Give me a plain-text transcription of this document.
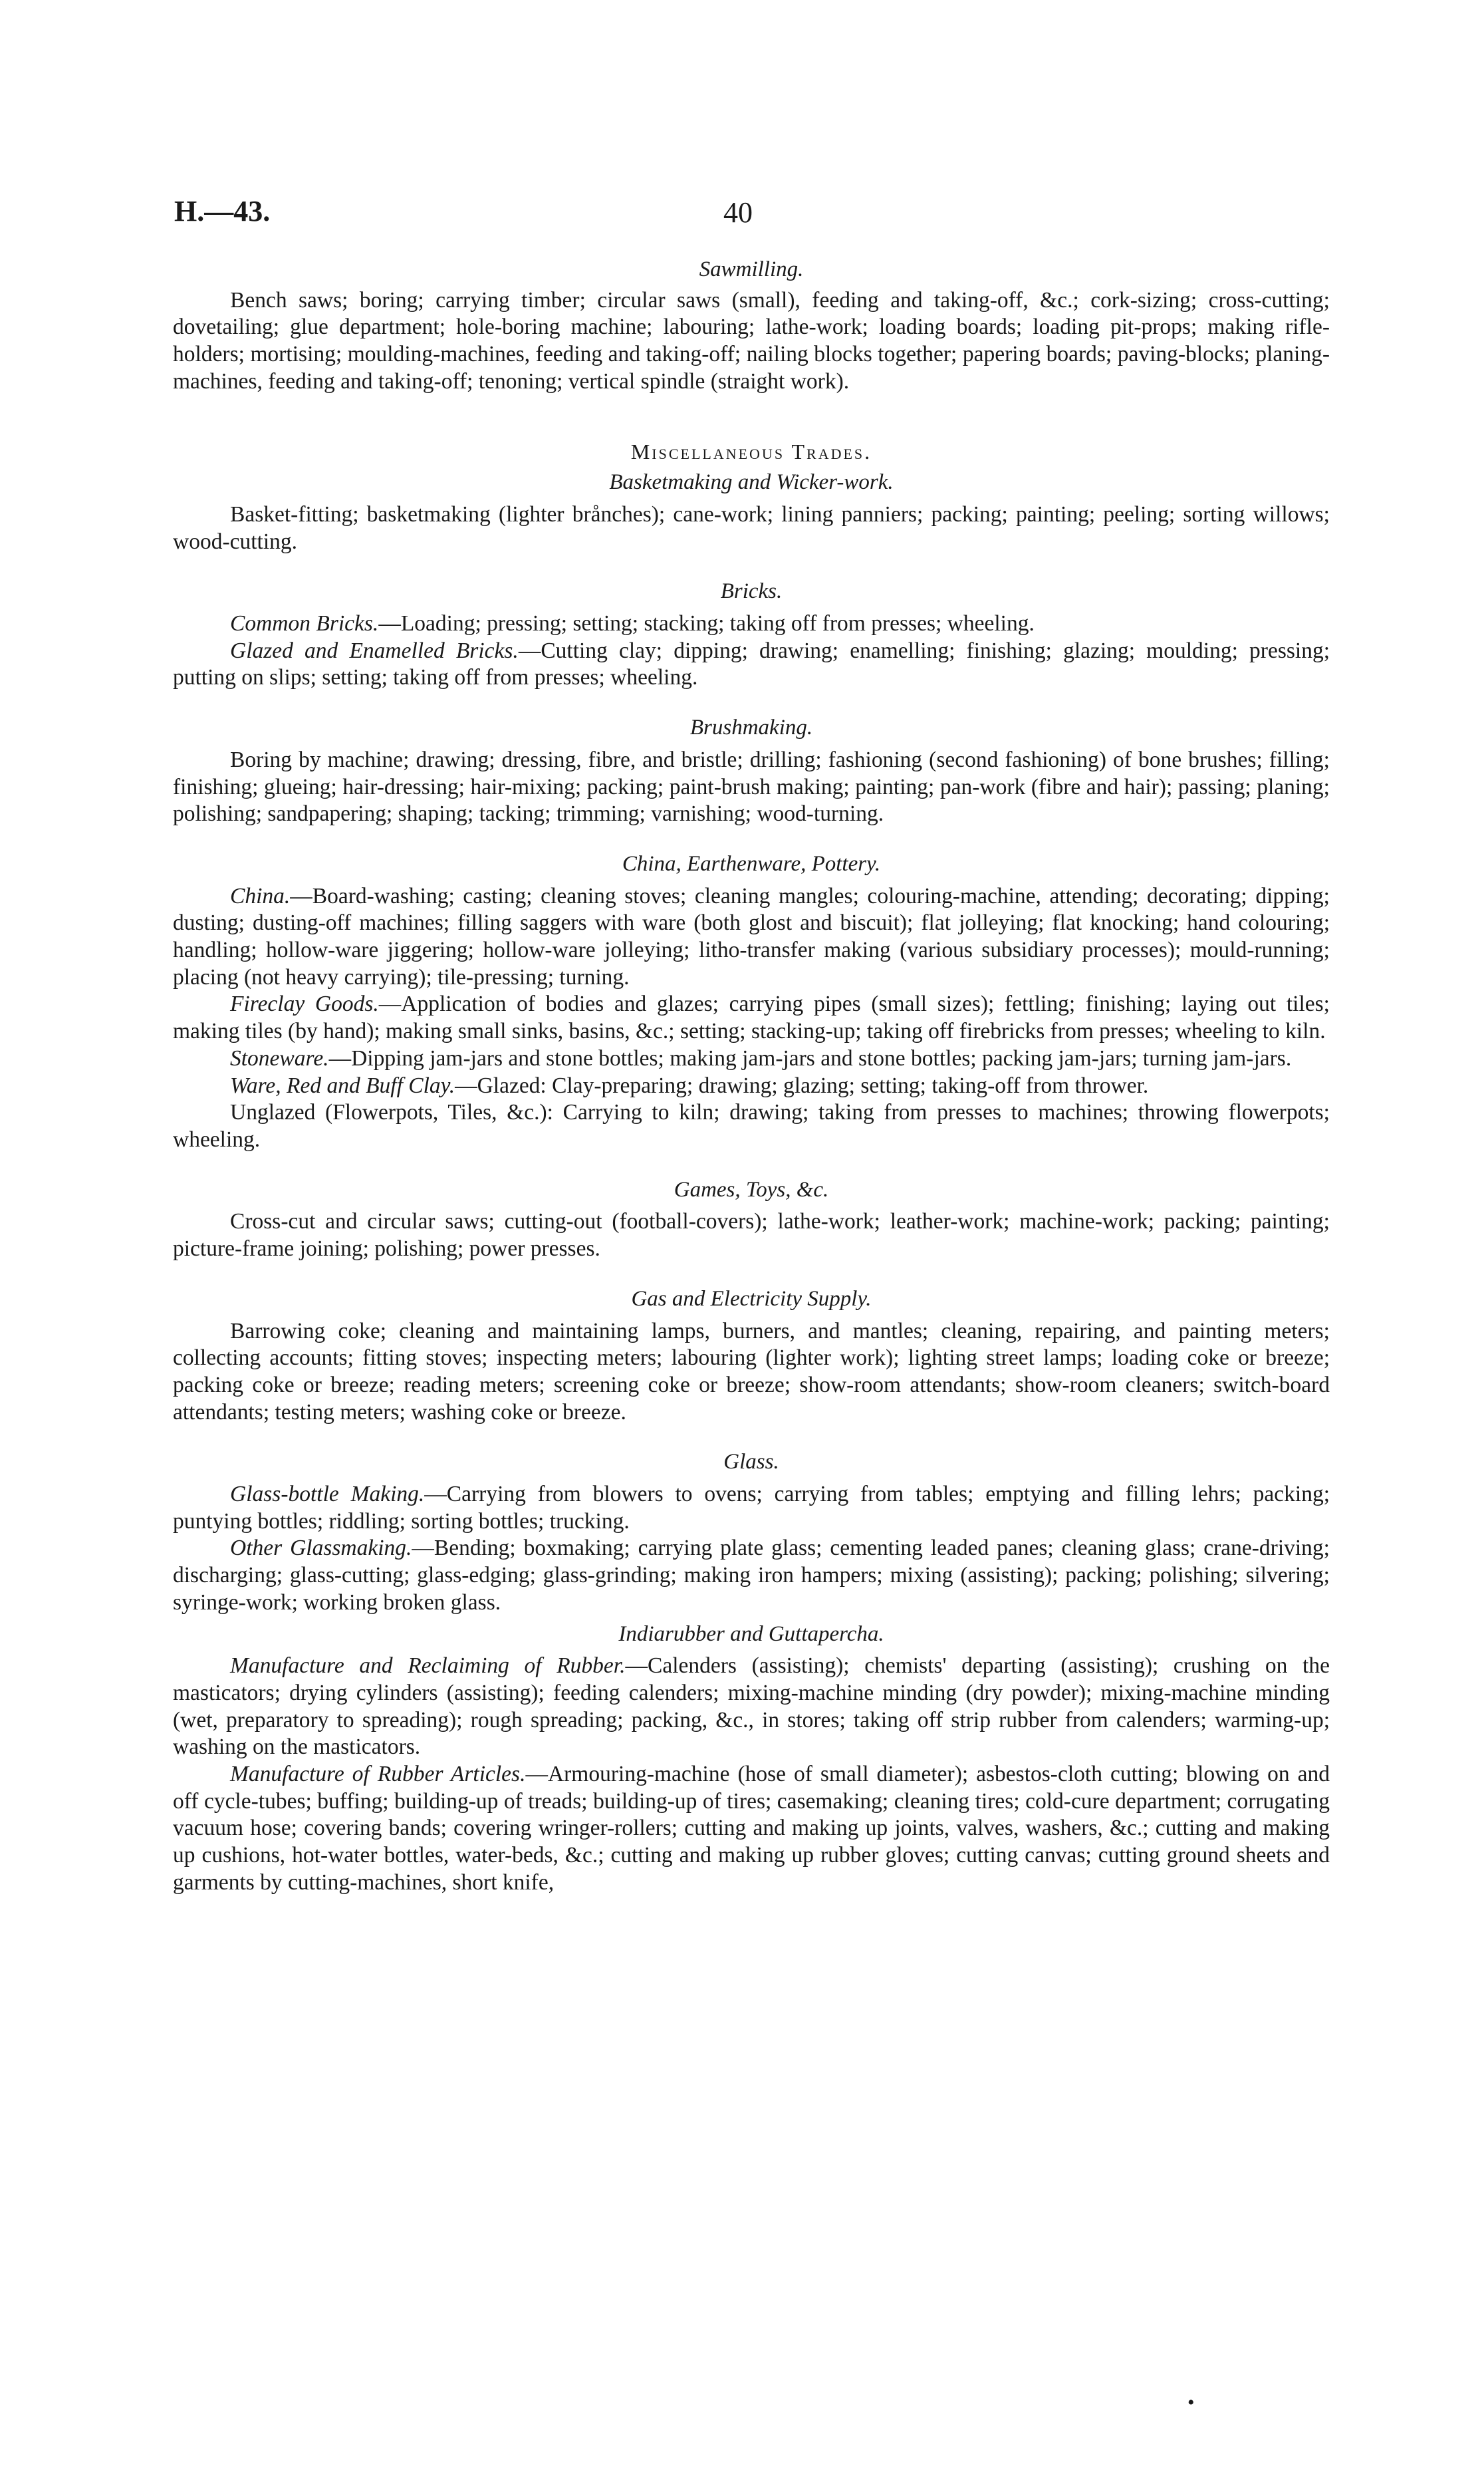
H.—43.	40
Sawmilling.

Bench saws; boring; carrying timber; circular saws (small), feeding and taking-off, &c.; cork-sizing; cross-cutting; dovetailing; glue department; hole-boring machine; labouring; lathe-work; loading boards; loading pit-props; making rifle-holders; mortising; moulding-machines, feeding and taking-off; nailing blocks together; papering boards; paving-blocks; planing-machines, feeding and taking-off; tenoning; vertical spindle (straight work).

Miscellaneous Trades.
Basketmaking and Wicker-work.

Basket-fitting; basketmaking (lighter brånches); cane-work; lining panniers; packing; painting; peeling; sorting willows; wood-cutting.

Bricks.

Common Bricks.—Loading; pressing; setting; stacking; taking off from presses; wheeling.

Glazed and Enamelled Bricks.—Cutting clay; dipping; drawing; enamelling; finishing; glazing; moulding; pressing; putting on slips; setting; taking off from presses; wheeling.

Brushmaking.

Boring by machine; drawing; dressing, fibre, and bristle; drilling; fashioning (second fashioning) of bone brushes; filling; finishing; glueing; hair-dressing; hair-mixing; packing; paint-brush making; painting; pan-work (fibre and hair); passing; planing; polishing; sandpapering; shaping; tacking; trimming; varnishing; wood-turning.

China, Earthenware, Pottery.

China.—Board-washing; casting; cleaning stoves; cleaning mangles; colouring-machine, attending; decorating; dipping; dusting; dusting-off machines; filling saggers with ware (both glost and biscuit); flat jolleying; flat knocking; hand colouring; handling; hollow-ware jiggering; hollow-ware jolleying; litho-transfer making (various subsidiary processes); mould-running; placing (not heavy carrying); tile-pressing; turning.

Fireclay Goods.—Application of bodies and glazes; carrying pipes (small sizes); fettling; finishing; laying out tiles; making tiles (by hand); making small sinks, basins, &c.; setting; stacking-up; taking off firebricks from presses; wheeling to kiln.

Stoneware.—Dipping jam-jars and stone bottles; making jam-jars and stone bottles; packing jam-jars; turning jam-jars.

Ware, Red and Buff Clay.—Glazed: Clay-preparing; drawing; glazing; setting; taking-off from thrower.

Unglazed (Flowerpots, Tiles, &c.): Carrying to kiln; drawing; taking from presses to machines; throwing flowerpots; wheeling.

Games, Toys, &c.

Cross-cut and circular saws; cutting-out (football-covers); lathe-work; leather-work; machine-work; packing; painting; picture-frame joining; polishing; power presses.

Gas and Electricity Supply.

Barrowing coke; cleaning and maintaining lamps, burners, and mantles; cleaning, repairing, and painting meters; collecting accounts; fitting stoves; inspecting meters; labouring (lighter work); lighting street lamps; loading coke or breeze; packing coke or breeze; reading meters; screening coke or breeze; show-room attendants; show-room cleaners; switch-board attendants; testing meters; washing coke or breeze.

Glass.

Glass-bottle Making.—Carrying from blowers to ovens; carrying from tables; emptying and filling lehrs; packing; puntying bottles; riddling; sorting bottles; trucking.

Other Glassmaking.—Bending; boxmaking; carrying plate glass; cementing leaded panes; cleaning glass; crane-driving; discharging; glass-cutting; glass-edging; glass-grinding; making iron hampers; mixing (assisting); packing; polishing; silvering; syringe-work; working broken glass.

Indiarubber and Guttapercha.

Manufacture and Reclaiming of Rubber.—Calenders (assisting); chemists' departing (assisting); crushing on the masticators; drying cylinders (assisting); feeding calenders; mixing-machine minding (dry powder); mixing-machine minding (wet, preparatory to spreading); rough spreading; packing, &c., in stores; taking off strip rubber from calenders; warming-up; washing on the masticators.

Manufacture of Rubber Articles.—Armouring-machine (hose of small diameter); asbestos-cloth cutting; blowing on and off cycle-tubes; buffing; building-up of treads; building-up of tires; casemaking; cleaning tires; cold-cure department; corrugating vacuum hose; covering bands; covering wringer-rollers; cutting and making up joints, valves, washers, &c.; cutting and making up cushions, hot-water bottles, water-beds, &c.; cutting and making up rubber gloves; cutting canvas; cutting ground sheets and garments by cutting-machines, short knife,

•
